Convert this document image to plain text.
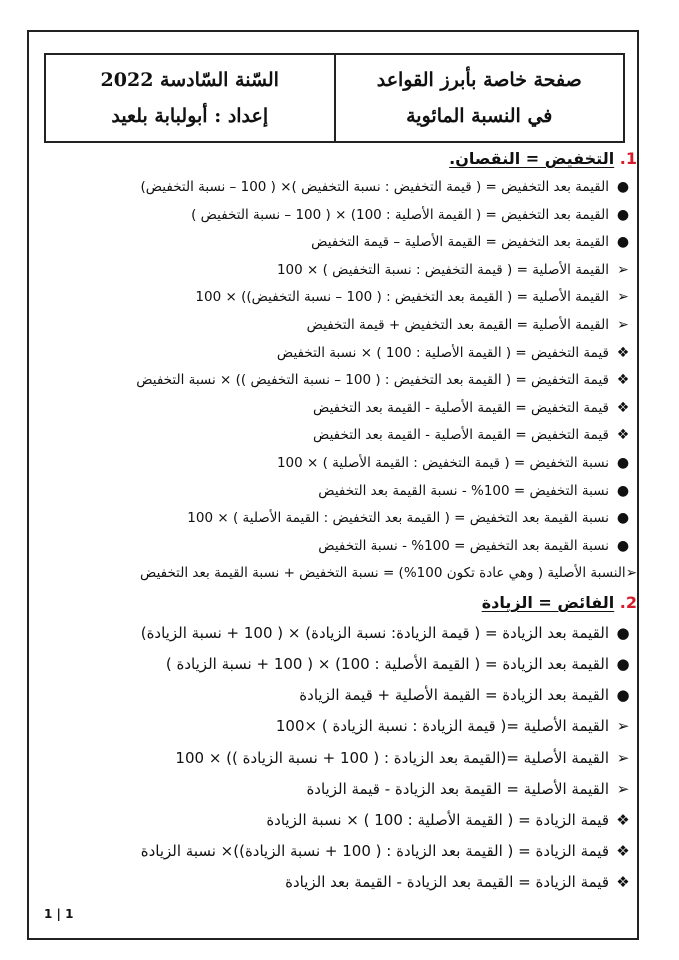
صفحة خاصة بأبرز القواعد
في النسبة المائوية
السّنة السّادسة 2022
إعداد : أبولبابة بلعيد
1. التخفيض = النقصان.
●
القيمة بعد التخفيض = ( قيمة التخفيض : نسبة التخفيض )× ( 100 – نسبة التخفيض)
●
القيمة بعد التخفيض = ( القيمة الأصلية : 100) × ( 100 – نسبة التخفيض )
●
القيمة بعد التخفيض = القيمة الأصلية – قيمة التخفيض
➢
القيمة الأصلية = ( قيمة التخفيض : نسبة التخفيض ) × 100
➢
القيمة الأصلية = ( القيمة بعد التخفيض : ( 100 – نسبة التخفيض)) × 100
➢
القيمة الأصلية = القيمة بعد التخفيض + قيمة التخفيض
❖
قيمة التخفيض = ( القيمة الأصلية : 100 ) × نسبة التخفيض
❖
قيمة التخفيض = ( القيمة بعد التخفيض : ( 100 – نسبة التخفيض )) × نسبة التخفيض
❖
قيمة التخفيض = القيمة الأصلية - القيمة بعد التخفيض
❖
قيمة التخفيض = القيمة الأصلية - القيمة بعد التخفيض
●
نسبة التخفيض = ( قيمة التخفيض : القيمة الأصلية ) × 100
●
نسبة التخفيض = 100% - نسبة القيمة بعد التخفيض
●
نسبة القيمة بعد التخفيض = ( القيمة بعد التخفيض : القيمة الأصلية ) × 100
●
نسبة القيمة بعد التخفيض = 100% - نسبة التخفيض
➢النسبة الأصلية ( وهي عادة تكون 100%) = نسبة التخفيض + نسبة القيمة بعد التخفيض
2. الفائض = الزيادة
●
القيمة بعد الزيادة = ( قيمة الزيادة: نسبة الزيادة) × ( 100 + نسبة الزيادة)
●
القيمة بعد الزيادة = ( القيمة الأصلية : 100) × ( 100 + نسبة الزيادة )
●
القيمة بعد الزيادة = القيمة الأصلية + قيمة الزيادة
➢
القيمة الأصلية =( قيمة الزيادة : نسبة الزيادة ) ×100
➢
القيمة الأصلية =(القيمة بعد الزيادة : ( 100 + نسبة الزيادة )) × 100
➢
القيمة الأصلية = القيمة بعد الزيادة - قيمة الزيادة
❖
قيمة الزيادة = ( القيمة الأصلية : 100 ) × نسبة الزيادة
❖
قيمة الزيادة = ( القيمة بعد الزيادة : ( 100 + نسبة الزيادة))× نسبة الزيادة
❖
قيمة الزيادة = القيمة بعد الزيادة - القيمة بعد الزيادة
1 | 1
